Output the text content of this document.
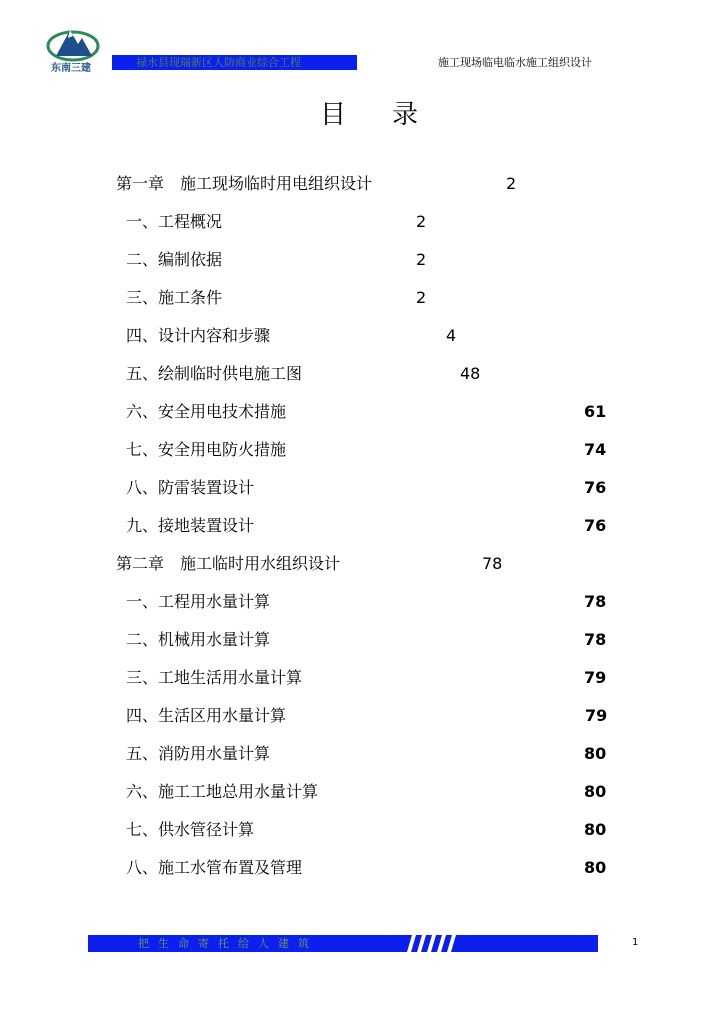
东南三建	禄水县现瑞新区人防商业综合工程	施工现场临电临水施工组织设计
目录
第一章　施工现场临时用电组织设计	2
一、工程概况	2
二、编制依据	2
三、施工条件	2
四、设计内容和步骤	4
五、绘制临时供电施工图	48
六、安全用电技术措施	61
七、安全用电防火措施	74
八、防雷装置设计	76
九、接地装置设计	76
第二章　施工临时用水组织设计	78
一、工程用水量计算	78
二、机械用水量计算	78
三、工地生活用水量计算	79
四、生活区用水量计算	79
五、消防用水量计算	80
六、施工工地总用水量计算	80
七、供水管径计算	80
八、施工水管布置及管理	80
把生命寄托给人建筑	1
